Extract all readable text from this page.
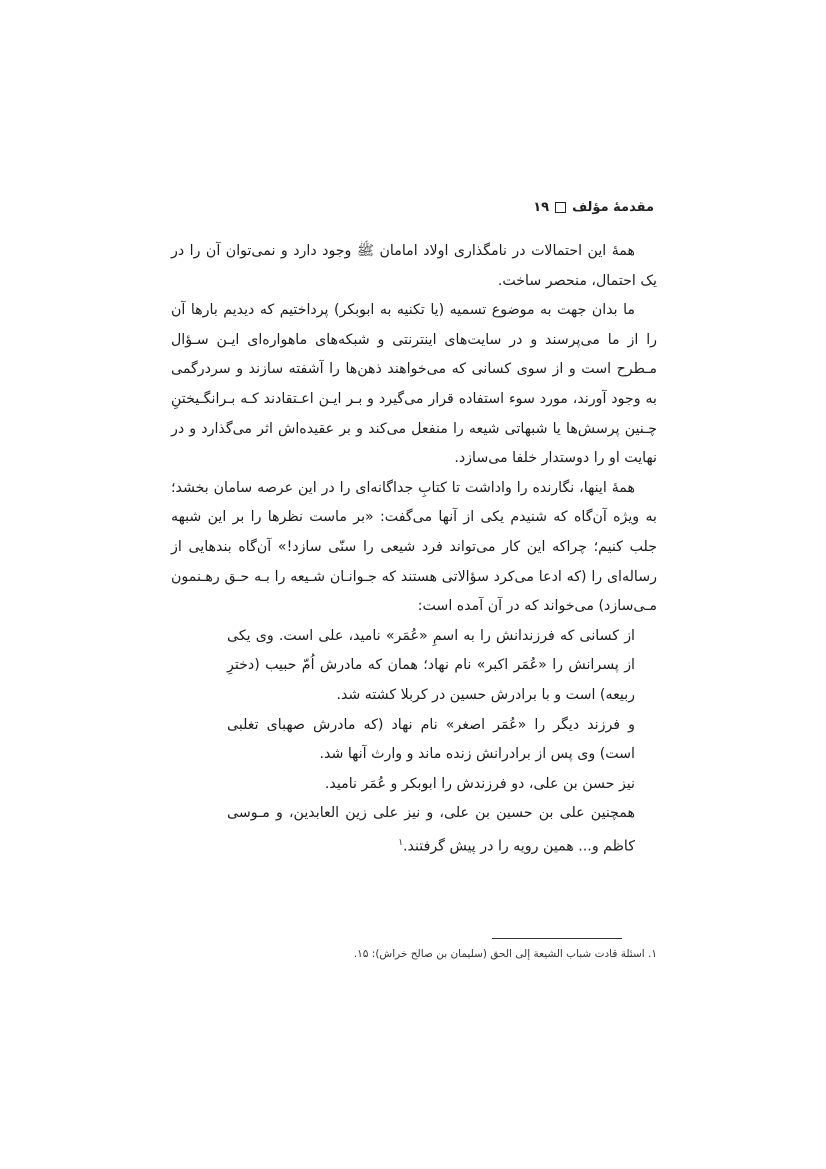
مقدمهٔ مؤلف۱۹

همهٔ این احتمالات در نامگذاری اولاد امامان ﷺ وجود دارد و نمی‌توان آن را در یک احتمال، منحصر ساخت.

ما بدان جهت به موضوع تسمیه (یا تکنیه به ابوبکر) پرداختیم که دیدیم بارها آن را از ما می‌پرسند و در سایت‌های اینترنتی و شبکه‌های ماهواره‌ای ایـن سـؤال مـطرح است و از سوی کسانی که می‌خواهند ذهن‌ها را آشفته سازند و سردرگمی به وجود آورند، مورد سوء استفاده قرار می‌گیرد و بـر ایـن اعـتقادند کـه بـرانگـیختنِ چـنین پرسش‌ها یا شبهاتی شیعه را منفعل می‌کند و بر عقیده‌اش اثر می‌گذارد و در نهایت او را دوستدار خلفا می‌سازد.

همهٔ اینها، نگارنده را واداشت تا کتابِ جداگانه‌ای را در این عرصه سامان بخشد؛ به ویژه آن‌گاه که شنیدم یکی از آنها می‌گفت: «بر ماست نظرها را بر این شبهه جلب کنیم؛ چراکه این کار می‌تواند فرد شیعی را سنّی سازد!» آن‌گاه بندهایی از رساله‌ای را (که ادعا می‌کرد سؤالاتی هستند که جـوانـان شـیعه را بـه حـق رهـنمون مـی‌سازد) می‌خواند که در آن آمده است:

از کسانی که فرزندانش را به اسمِ «عُمَر» نامید، علی است. وی یکی از پسرانش را «عُمَر اکبر» نام نهاد؛ همان که مادرش اُمّ حبیب (دخترِ ربیعه) است و با برادرش حسین در کربلا کشته شد.

و فرزند دیگر را «عُمَر اصغر» نام نهاد (که مادرش صهبای تغلبی است) وی پس از برادرانش زنده ماند و وارث آنها شد.

نیز حسن بن علی، دو فرزندش را ابوبکر و عُمَر نامید.

همچنین علی بن حسین بن علی، و نیز علی زین العابدین، و مـوسی کاظم و... همین رویه را در پیش گرفتند.$^۱$

۱. اسئلة قادت شباب الشیعة إلی الحق (سلیمان بن صالح خراش): ۱۵.
